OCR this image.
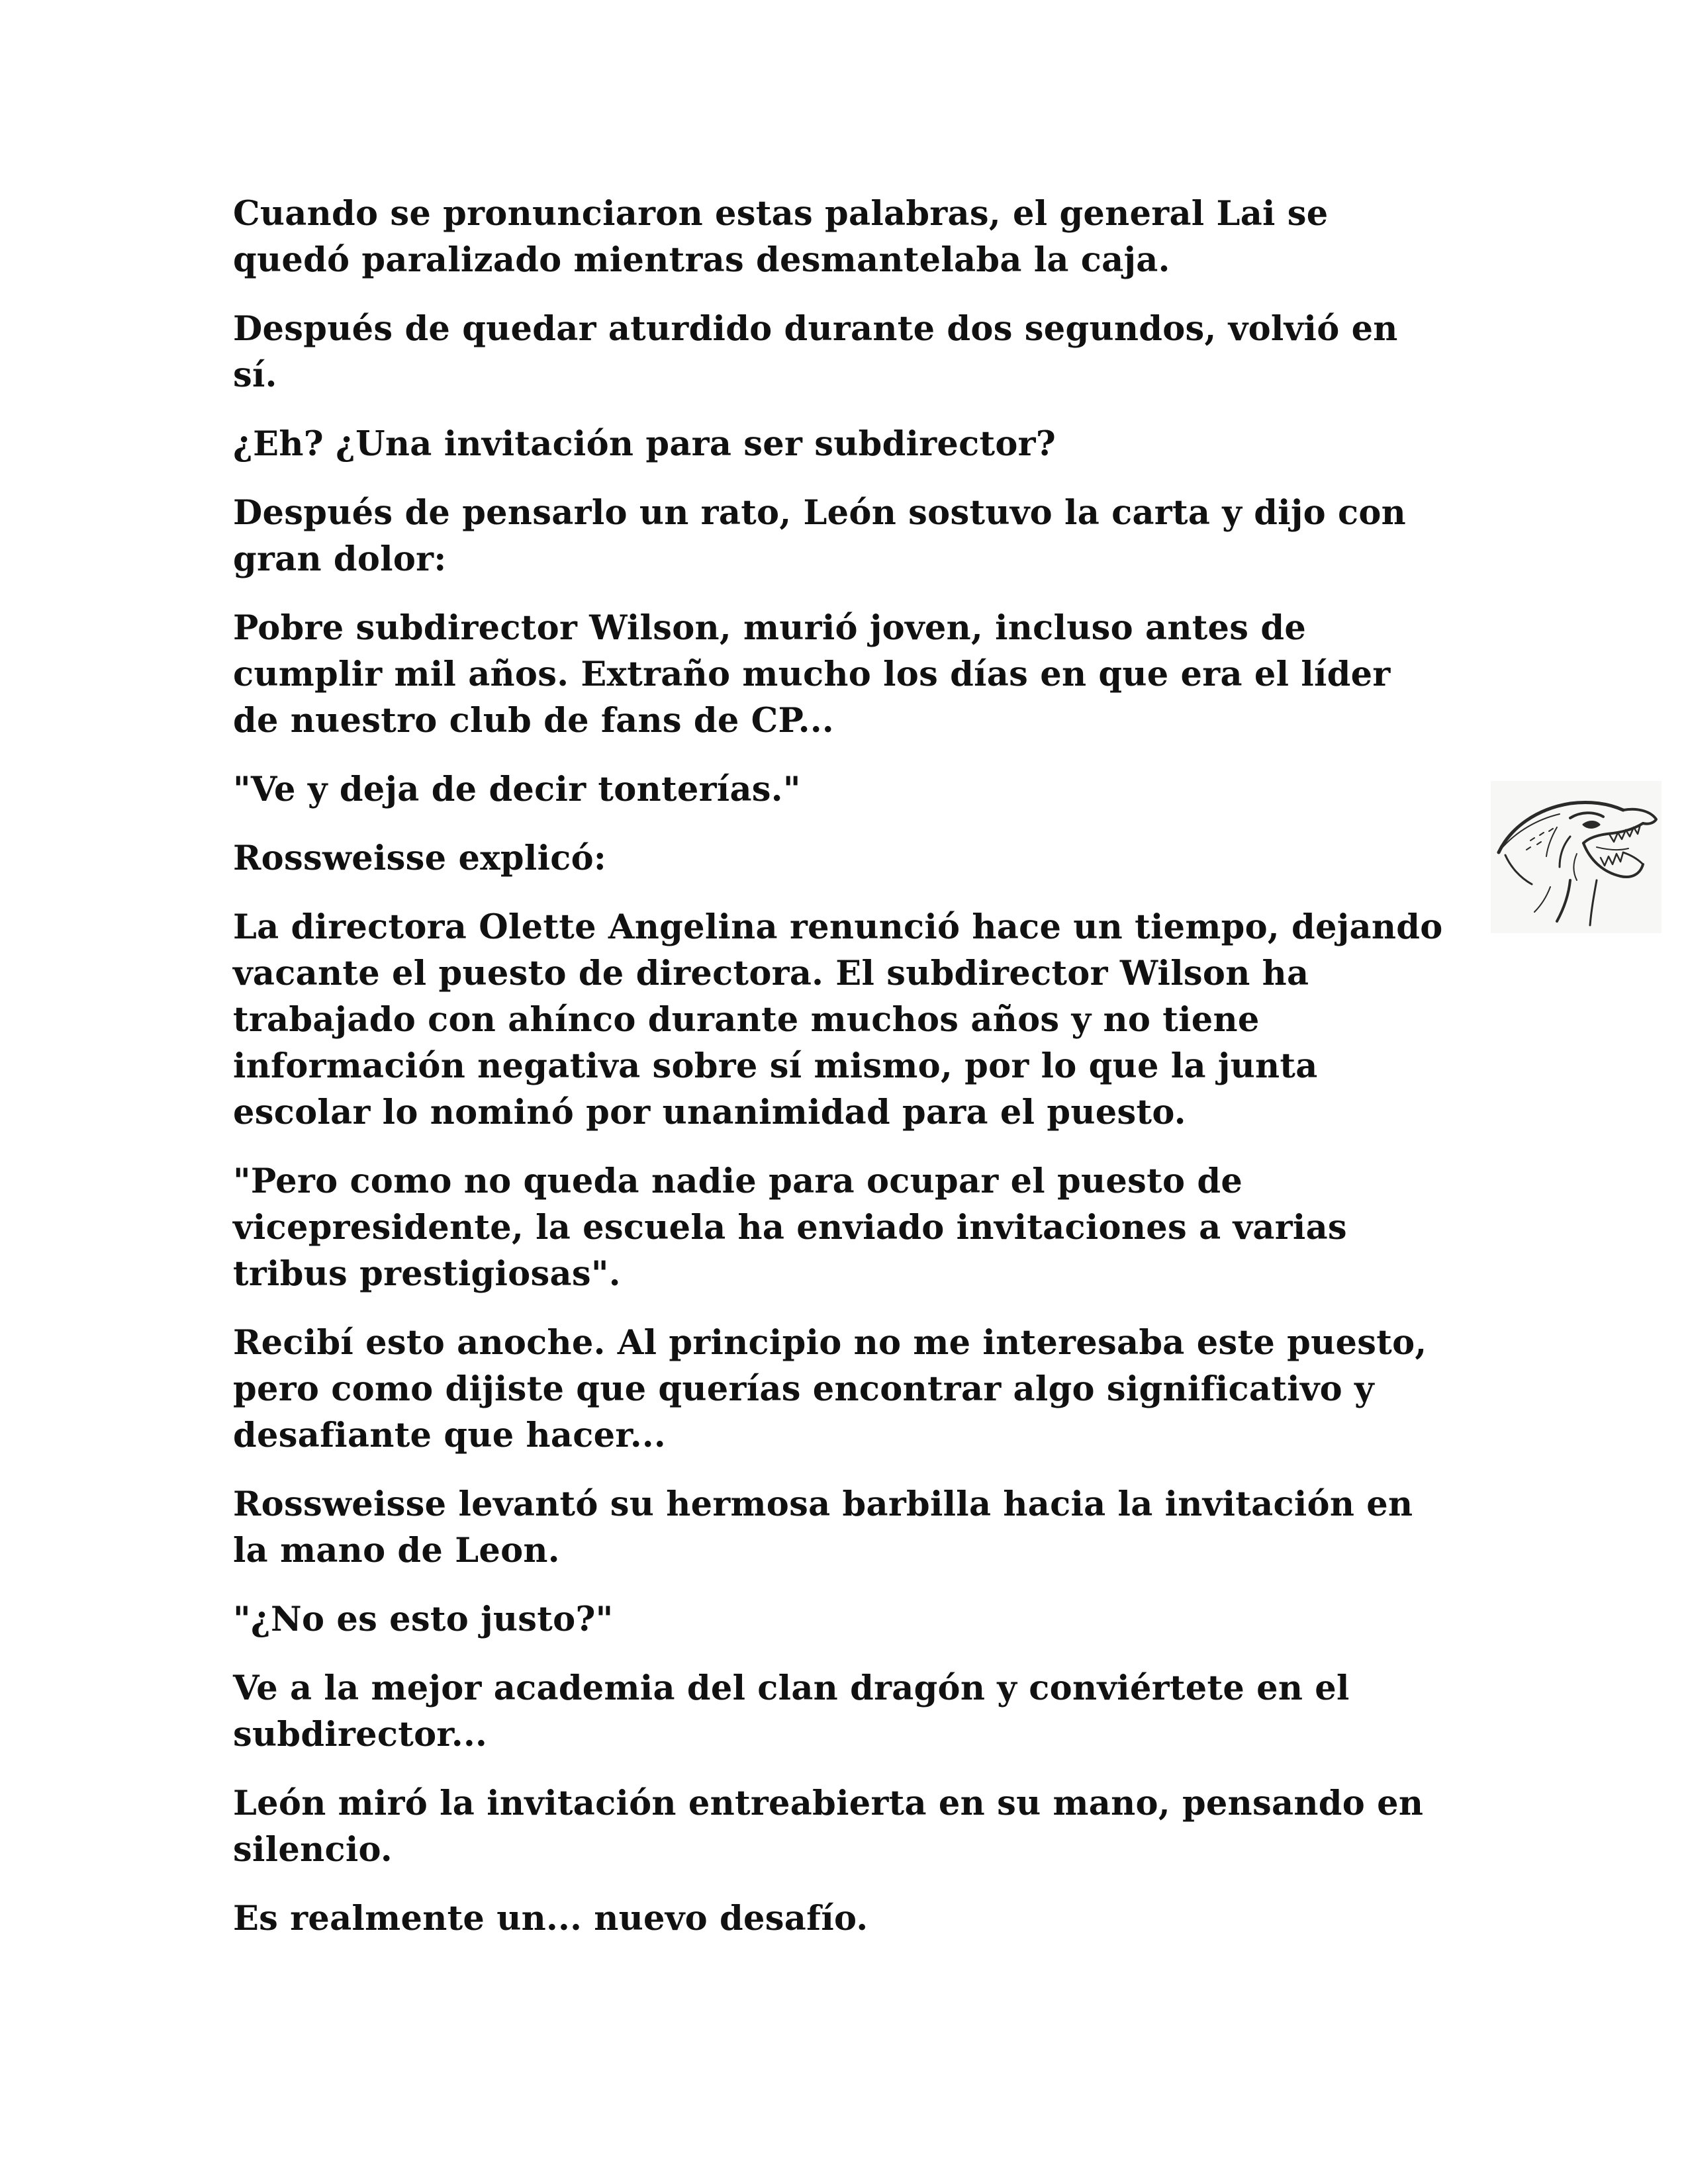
Cuando se pronunciaron estas palabras, el general Lai se quedó paralizado mientras desmantelaba la caja.

Después de quedar aturdido durante dos segundos, volvió en sí.

¿Eh? ¿Una invitación para ser subdirector?

Después de pensarlo un rato, León sostuvo la carta y dijo con gran dolor:

Pobre subdirector Wilson, murió joven, incluso antes de cumplir mil años. Extraño mucho los días en que era el líder de nuestro club de fans de CP...

"Ve y deja de decir tonterías."

Rossweisse explicó:

La directora Olette Angelina renunció hace un tiempo, dejando vacante el puesto de directora. El subdirector Wilson ha trabajado con ahínco durante muchos años y no tiene información negativa sobre sí mismo, por lo que la junta escolar lo nominó por unanimidad para el puesto.

"Pero como no queda nadie para ocupar el puesto de vicepresidente, la escuela ha enviado invitaciones a varias tribus prestigiosas".

Recibí esto anoche. Al principio no me interesaba este puesto, pero como dijiste que querías encontrar algo significativo y desafiante que hacer...

Rossweisse levantó su hermosa barbilla hacia la invitación en la mano de Leon.

"¿No es esto justo?"

Ve a la mejor academia del clan dragón y conviértete en el subdirector...

León miró la invitación entreabierta en su mano, pensando en silencio.

Es realmente un... nuevo desafío.
